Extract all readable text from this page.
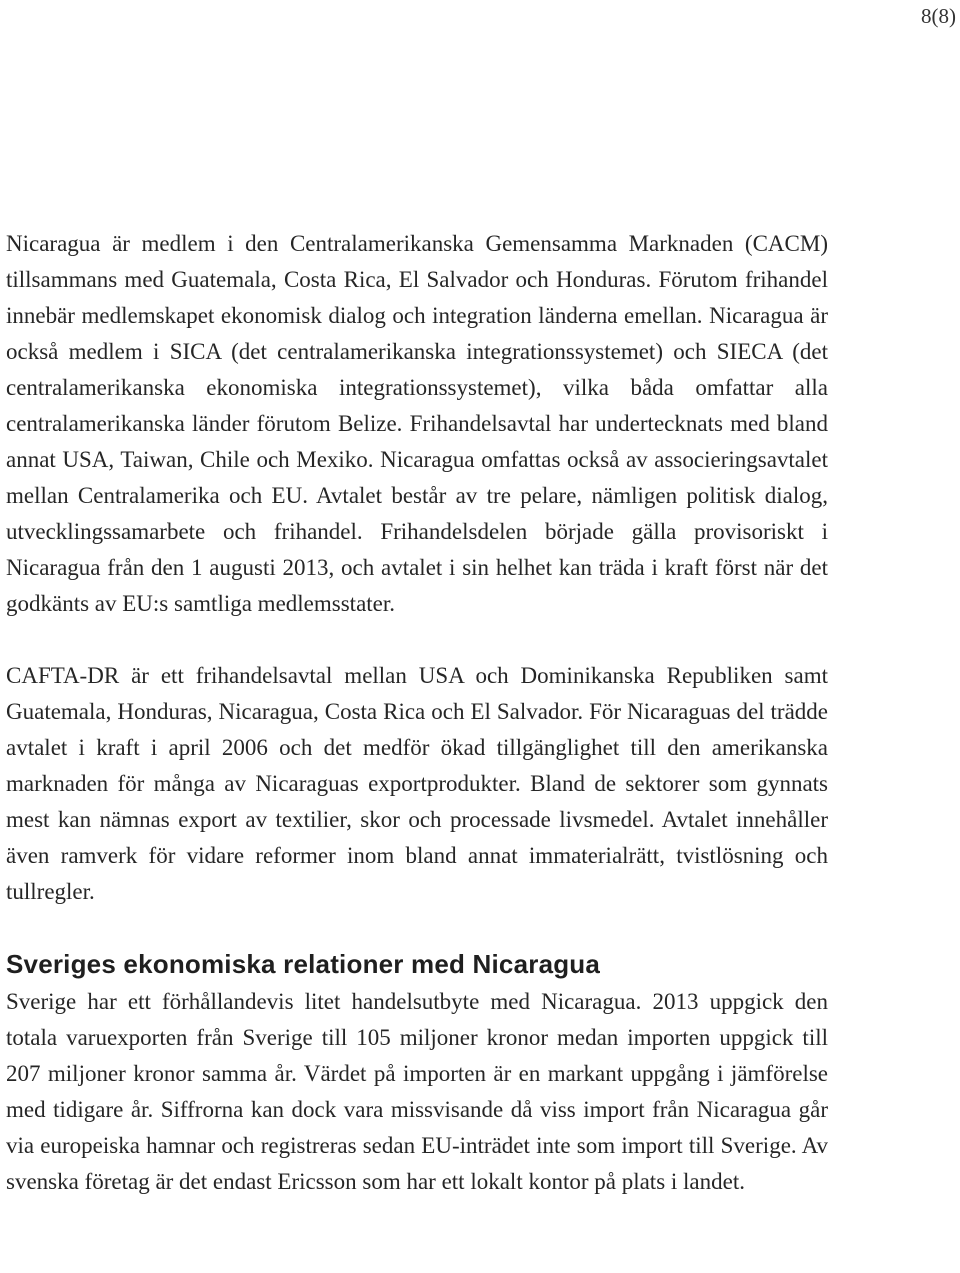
8(8)

Nicaragua är medlem i den Centralamerikanska Gemensamma Marknaden (CACM) tillsammans med Guatemala, Costa Rica, El Salvador och Honduras. Förutom frihandel innebär medlemskapet ekonomisk dialog och integration länderna emellan. Nicaragua är också medlem i SICA (det centralamerikanska integrationssystemet) och SIECA (det centralamerikanska ekonomiska integrationssystemet), vilka båda omfattar alla centralamerikanska länder förutom Belize. Frihandelsavtal har undertecknats med bland annat USA, Taiwan, Chile och Mexiko. Nicaragua omfattas också av associeringsavtalet mellan Centralamerika och EU. Avtalet består av tre pelare, nämligen politisk dialog, utvecklingssamarbete och frihandel. Frihandelsdelen började gälla provisoriskt i Nicaragua från den 1 augusti 2013, och avtalet i sin helhet kan träda i kraft först när det godkänts av EU:s samtliga medlemsstater.

CAFTA-DR är ett frihandelsavtal mellan USA och Dominikanska Republiken samt Guatemala, Honduras, Nicaragua, Costa Rica och El Salvador. För Nicaraguas del trädde avtalet i kraft i april 2006 och det medför ökad tillgänglighet till den amerikanska marknaden för många av Nicaraguas exportprodukter. Bland de sektorer som gynnats mest kan nämnas export av textilier, skor och processade livsmedel. Avtalet innehåller även ramverk för vidare reformer inom bland annat immaterialrätt, tvistlösning och tullregler.

Sveriges ekonomiska relationer med Nicaragua

Sverige har ett förhållandevis litet handelsutbyte med Nicaragua. 2013 uppgick den totala varuexporten från Sverige till 105 miljoner kronor medan importen uppgick till 207 miljoner kronor samma år. Värdet på importen är en markant uppgång i jämförelse med tidigare år. Siffrorna kan dock vara missvisande då viss import från Nicaragua går via europeiska hamnar och registreras sedan EU-inträdet inte som import till Sverige. Av svenska företag är det endast Ericsson som har ett lokalt kontor på plats i landet.
